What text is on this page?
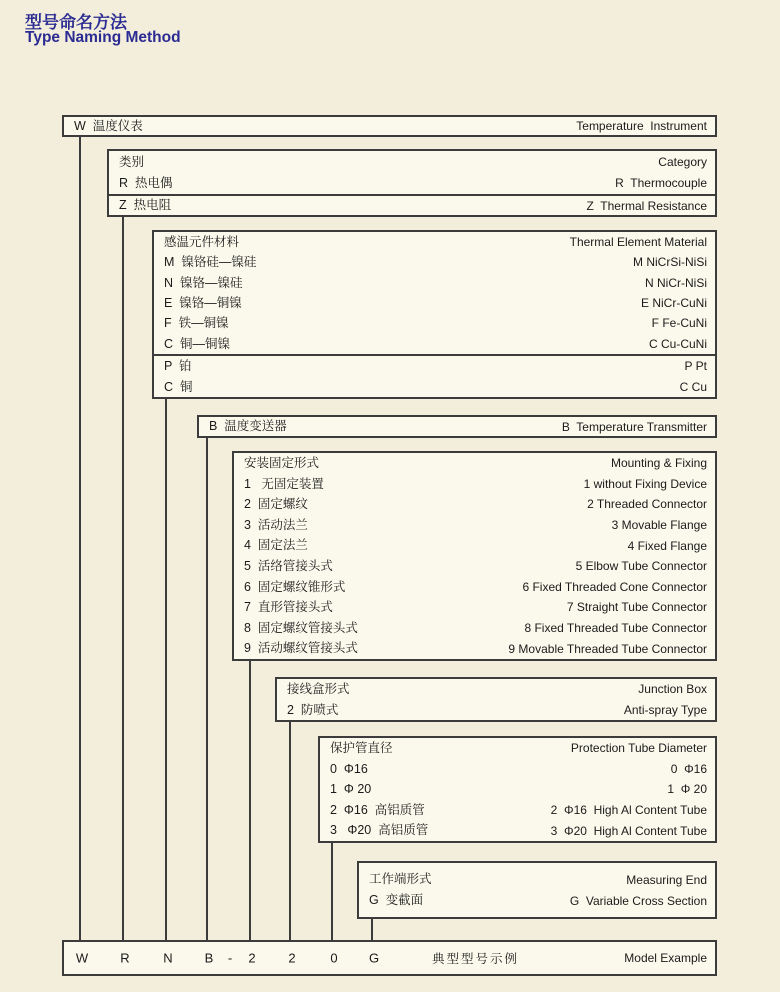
型号命名方法
Type Naming Method
W  温度仪表	Temperature  Instrument
类别	Category
R  热电偶	R  Thermocouple
Z  热电阻	Z  Thermal Resistance
感温元件材料	Thermal Element Material
M  镍铬硅—镍硅	M NiCrSi-NiSi
N  镍铬—镍硅	N NiCr-NiSi
E  镍铬—铜镍	E NiCr-CuNi
F  铁—铜镍	F Fe-CuNi
C  铜—铜镍	C Cu-CuNi
P  铂	P Pt
C  铜	C Cu
B  温度变送器	B  Temperature Transmitter
安装固定形式	Mounting & Fixing
1   无固定装置	1 without Fixing Device
2  固定螺纹	2 Threaded Connector
3  活动法兰	3 Movable Flange
4  固定法兰	4 Fixed Flange
5  活络管接头式	5 Elbow Tube Connector
6  固定螺纹锥形式	6 Fixed Threaded Cone Connector
7  直形管接头式	7 Straight Tube Connector
8  固定螺纹管接头式	8 Fixed Threaded Tube Connector
9  活动螺纹管接头式	9 Movable Threaded Tube Connector
接线盒形式	Junction Box
2  防喷式	Anti-spray Type
保护管直径	Protection Tube Diameter
0  Φ16	0  Φ16
1  Φ 20	1  Φ 20
2  Φ16  高铝质管	2  Φ16  High Al Content Tube
3   Φ20  高铝质管	3  Φ20  High Al Content Tube
工作端形式	Measuring End
G  变截面	G  Variable Cross Section
W R	N B - 2	2	0 G	典型型号示例	Model Example
